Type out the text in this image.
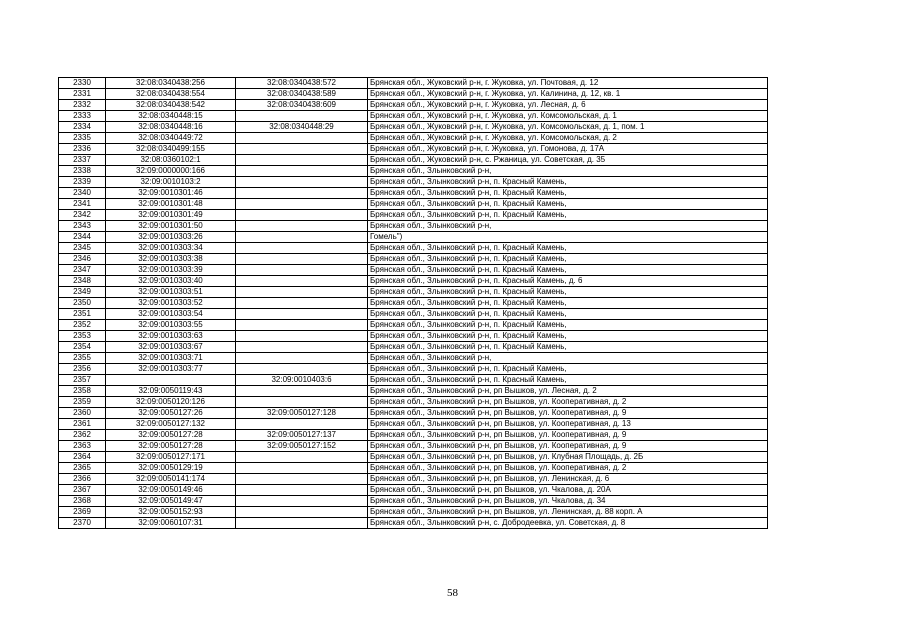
2330	32:08:0340438:256	32:08:0340438:572	Брянская обл., Жуковский р-н, г. Жуковка, ул. Почтовая, д. 12
2331	32:08:0340438:554	32:08:0340438:589	Брянская обл., Жуковский р-н, г. Жуковка, ул. Калинина, д. 12, кв. 1
2332	32:08:0340438:542	32:08:0340438:609	Брянская обл., Жуковский р-н, г. Жуковка, ул. Лесная, д. 6
2333	32:08:0340448:15		Брянская обл., Жуковский р-н, г. Жуковка, ул. Комсомольская, д. 1
2334	32:08:0340448:16	32:08:0340448:29	Брянская обл., Жуковский р-н, г. Жуковка, ул. Комсомольская, д. 1, пом. 1
2335	32:08:0340449:72		Брянская обл., Жуковский р-н, г. Жуковка, ул. Комсомольская, д. 2
2336	32:08:0340499:155		Брянская обл., Жуковский р-н, г. Жуковка, ул. Гомонова, д. 17А
2337	32:08:0360102:1		Брянская обл., Жуковский р-н, с. Ржаница, ул. Советская, д. 35
2338	32:09:0000000:166		Брянская обл., Злынковский р-н,
2339	32:09:0010103:2		Брянская обл., Злынковский р-н, п. Красный Камень,
2340	32:09:0010301:46		Брянская обл., Злынковский р-н, п. Красный Камень,
2341	32:09:0010301:48		Брянская обл., Злынковский р-н, п. Красный Камень,
2342	32:09:0010301:49		Брянская обл., Злынковский р-н, п. Красный Камень,
2343	32:09:0010301:50		Брянская обл., Злынковский р-н,
2344	32:09:0010303:26		Гомель")
2345	32:09:0010303:34		Брянская обл., Злынковский р-н, п. Красный Камень,
2346	32:09:0010303:38		Брянская обл., Злынковский р-н, п. Красный Камень,
2347	32:09:0010303:39		Брянская обл., Злынковский р-н, п. Красный Камень,
2348	32:09:0010303:40		Брянская обл., Злынковский р-н, п. Красный Камень, д. 6
2349	32:09:0010303:51		Брянская обл., Злынковский р-н, п. Красный Камень,
2350	32:09:0010303:52		Брянская обл., Злынковский р-н, п. Красный Камень,
2351	32:09:0010303:54		Брянская обл., Злынковский р-н, п. Красный Камень,
2352	32:09:0010303:55		Брянская обл., Злынковский р-н, п. Красный Камень,
2353	32:09:0010303:63		Брянская обл., Злынковский р-н, п. Красный Камень,
2354	32:09:0010303:67		Брянская обл., Злынковский р-н, п. Красный Камень,
2355	32:09:0010303:71		Брянская обл., Злынковский р-н,
2356	32:09:0010303:77		Брянская обл., Злынковский р-н, п. Красный Камень,
2357		32:09:0010403:6	Брянская обл., Злынковский р-н, п. Красный Камень,
2358	32:09:0050119:43		Брянская обл., Злынковский р-н, рп Вышков, ул. Лесная, д. 2
2359	32:09:0050120:126		Брянская обл., Злынковский р-н, рп Вышков, ул. Кооперативная, д. 2
2360	32:09:0050127:26	32:09:0050127:128	Брянская обл., Злынковский р-н, рп Вышков, ул. Кооперативная, д. 9
2361	32:09:0050127:132		Брянская обл., Злынковский р-н, рп Вышков, ул. Кооперативная, д. 13
2362	32:09:0050127:28	32:09:0050127:137	Брянская обл., Злынковский р-н, рп Вышков, ул. Кооперативная, д. 9
2363	32:09:0050127:28	32:09:0050127:152	Брянская обл., Злынковский р-н, рп Вышков, ул. Кооперативная, д. 9
2364	32:09:0050127:171		Брянская обл., Злынковский р-н, рп Вышков, ул. Клубная Площадь, д. 2Б
2365	32:09:0050129:19		Брянская обл., Злынковский р-н, рп Вышков, ул. Кооперативная, д. 2
2366	32:09:0050141:174		Брянская обл., Злынковский р-н, рп Вышков, ул. Ленинская, д. 6
2367	32:09:0050149:46		Брянская обл., Злынковский р-н, рп Вышков, ул. Чкалова, д. 20А
2368	32:09:0050149:47		Брянская обл., Злынковский р-н, рп Вышков, ул. Чкалова, д. 34
2369	32:09:0050152:93		Брянская обл., Злынковский р-н, рп Вышков, ул. Ленинская, д. 88 корп. А
2370	32:09:0060107:31		Брянская обл., Злынковский р-н, с. Добродеевка, ул. Советская, д. 8
58
